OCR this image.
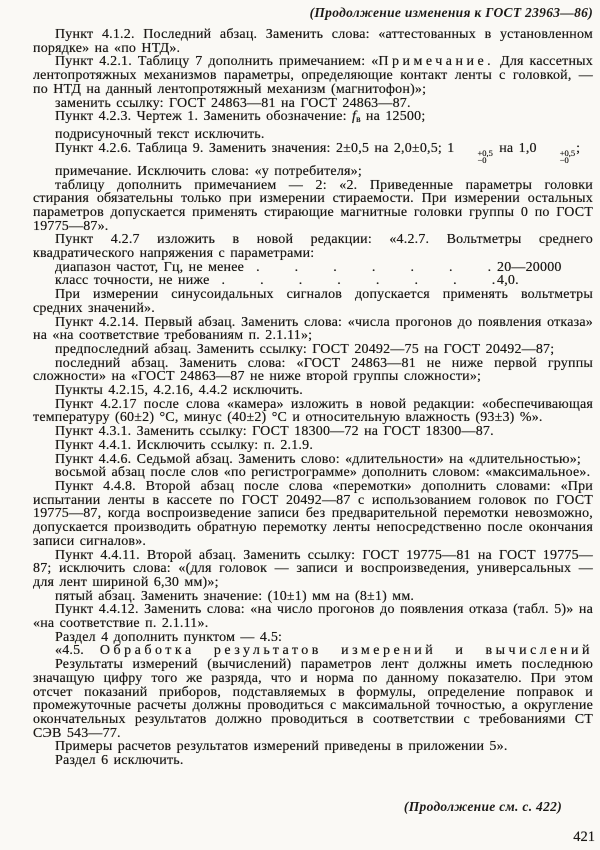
(Продолжение изменения к ГОСТ 23963—86)
Пункт 4.1.2. Последний абзац. Заменить слова: «аттестованных в установленном порядке» на «по НТД».
Пункт 4.2.1. Таблицу 7 дополнить примечанием: «Примечание. Для кассетных лентопротяжных механизмов параметры, определяющие контакт ленты с головкой, — по НТД на данный лентопротяжный механизм (магнитофон)»;
заменить ссылку: ГОСТ 24863—81 на ГОСТ 24863—87.
Пункт 4.2.3. Чертеж 1. Заменить обозначение: fв на 12500;
подрисуночный текст исключить.
Пункт 4.2.6. Таблица 9. Заменить значения: 2±0,5 на 2,0±0,5; 1	+0,5
−0
на 1,0	+0,5
−0
;
примечание. Исключить слова: «у потребителя»;
таблицу дополнить примечанием — 2: «2. Приведенные параметры головки стирания обязательны только при измерении стираемости. При измерении остальных параметров допускается применять стирающие магнитные головки группы 0 по ГОСТ 19775—87».
Пункт 4.2.7 изложить в новой редакции: «4.2.7. Вольтметры среднего квадратического напряжения с параметрами:
диапазон частот, Гц, не менее . . .	20—20000
класс точности, не ниже . . .	4,0.
При измерении синусоидальных сигналов допускается применять вольтметры средних значений».
Пункт 4.2.14. Первый абзац. Заменить слова: «числа прогонов до появления отказа» на «на соответствие требованиям п. 2.1.11»;
предпоследний абзац. Заменить ссылку: ГОСТ 20492—75 на ГОСТ 20492—87;
последний абзац. Заменить слова: «ГОСТ 24863—81 не ниже первой группы сложности» на «ГОСТ 24863—87 не ниже второй группы сложности»;
Пункты 4.2.15, 4.2.16, 4.4.2 исключить.
Пункт 4.2.17 после слова «камера» изложить в новой редакции: «обеспечивающая температуру (60±2) °С, минус (40±2) °С и относительную влажность (93±3) %».
Пункт 4.3.1. Заменить ссылку: ГОСТ 18300—72 на ГОСТ 18300—87.
Пункт 4.4.1. Исключить ссылку: п. 2.1.9.
Пункт 4.4.6. Седьмой абзац. Заменить слово: «длительности» на «длительностью»;
восьмой абзац после слов «по регистрограмме» дополнить словом: «максимальное».
Пункт 4.4.8. Второй абзац после слова «перемотки» дополнить словами: «При испытании ленты в кассете по ГОСТ 20492—87 с использованием головок по ГОСТ 19775—87, когда воспроизведение записи без предварительной перемотки невозможно, допускается производить обратную перемотку ленты непосредственно после окончания записи сигналов».
Пункт 4.4.11. Второй абзац. Заменить ссылку: ГОСТ 19775—81 на ГОСТ 19775—87; исключить слова: «(для головок — записи и воспроизведения, универсальных — для лент шириной 6,30 мм)»;
пятый абзац. Заменить значение: (10±1) мм на (8±1) мм.
Пункт 4.4.12. Заменить слова: «на число прогонов до появления отказа (табл. 5)» на «на соответствие п. 2.1.11».
Раздел 4 дополнить пунктом — 4.5:
«4.5. Обработка результатов измерений и вычислений
Результаты измерений (вычислений) параметров лент должны иметь последнюю значащую цифру того же разряда, что и норма по данному показателю. При этом отсчет показаний приборов, подставляемых в формулы, определение поправок и промежуточные расчеты должны проводиться с максимальной точностью, а округление окончательных результатов должно проводиться в соответствии с требованиями СТ СЭВ 543—77.
Примеры расчетов результатов измерений приведены в приложении 5».
Раздел 6 исключить.
(Продолжение см. с. 422)
421
